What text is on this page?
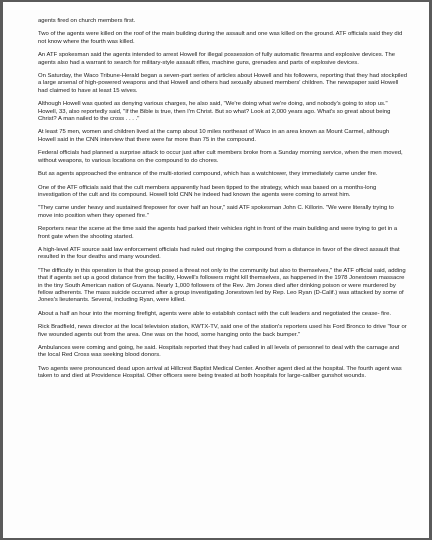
agents fired on church members first.

Two of the agents were killed on the roof of the main building during the assault and one was killed on the ground. ATF officials said they did not know where the fourth was killed.

An ATF spokesman said the agents intended to arrest Howell for illegal possession of fully automatic firearms and explosive devices. The agents also had a warrant to search for military-style assault rifles, machine guns, grenades and parts of explosive devices.

On Saturday, the Waco Tribune-Herald began a seven-part series of articles about Howell and his followers, reporting that they had stockpiled a large arsenal of high-powered weapons and that Howell and others had sexually abused members' children. The newspaper said Howell had claimed to have at least 15 wives.

Although Howell was quoted as denying various charges, he also said, "We're doing what we're doing, and nobody's going to stop us." Howell, 33, also reportedly said, "If the Bible is true, then I'm Christ. But so what? Look at 2,000 years ago. What's so great about being Christ? A man nailed to the cross . . . ."

At least 75 men, women and children lived at the camp about 10 miles northeast of Waco in an area known as Mount Carmel, although Howell said in the CNN interview that there were far more than 75 in the compound.

Federal officials had planned a surprise attack to occur just after cult members broke from a Sunday morning service, when the men moved, without weapons, to various locations on the compound to do chores.

But as agents approached the entrance of the multi-storied compound, which has a watchtower, they immediately came under fire.

One of the ATF officials said that the cult members apparently had been tipped to the strategy, which was based on a months-long investigation of the cult and its compound. Howell told CNN he indeed had known the agents were coming to arrest him.

"They came under heavy and sustained firepower for over half an hour," said ATF spokesman John C. Killorin. "We were literally trying to move into position when they opened fire."

Reporters near the scene at the time said the agents had parked their vehicles right in front of the main building and were trying to get in a front gate when the shooting started.

A high-level ATF source said law enforcement officials had ruled out ringing the compound from a distance in favor of the direct assault that resulted in the four deaths and many wounded.

"The difficulty in this operation is that the group posed a threat not only to the community but also to themselves," the ATF official said, adding that if agents set up a good distance from the facility, Howell's followers might kill themselves, as happened in the 1978 Jonestown massacre in the tiny South American nation of Guyana. Nearly 1,000 followers of the Rev. Jim Jones died after drinking poison or were murdered by fellow adherents. The mass suicide occurred after a group investigating Jonestown led by Rep. Leo Ryan (D-Calif.) was attacked by some of Jones's lieutenants. Several, including Ryan, were killed.

About a half an hour into the morning firefight, agents were able to establish contact with the cult leaders and negotiated the cease- fire.

Rick Bradfield, news director at the local television station, KWTX-TV, said one of the station's reporters used his Ford Bronco to drive "four or five wounded agents out from the area. One was on the hood, some hanging onto the back bumper."

Ambulances were coming and going, he said. Hospitals reported that they had called in all levels of personnel to deal with the carnage and the local Red Cross was seeking blood donors.

Two agents were pronounced dead upon arrival at Hillcrest Baptist Medical Center. Another agent died at the hospital. The fourth agent was taken to and died at Providence Hospital. Other officers were being treated at both hospitals for large-caliber gunshot wounds.
